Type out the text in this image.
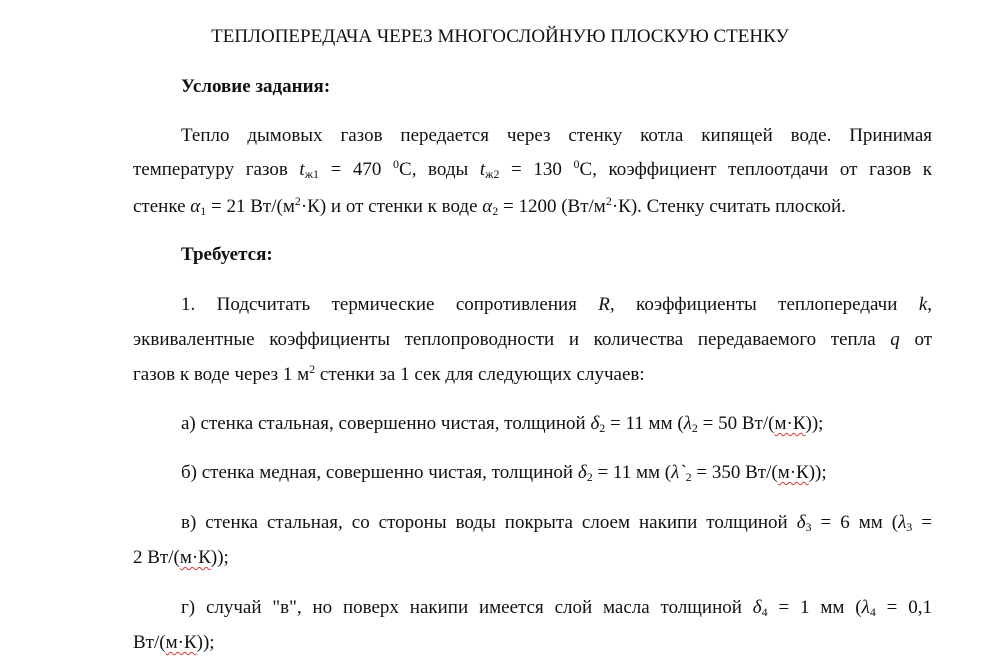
ТЕПЛОПЕРЕДАЧА ЧЕРЕЗ МНОГОСЛОЙНУЮ ПЛОСКУЮ СТЕНКУ
Условие задания:
Тепло дымовых газов передается через стенку котла кипящей воде. Принимая
температуру газов $t_{ж1} = 470$ $^0$С, воды $t_{ж2} = 130$ $^0$С, коэффициент теплоотдачи от газов к
стенке $\alpha_1 = 21$ $Вт/(м^2\cdot К)$ и от стенки к воде $\alpha_2 = 1200$ $(Вт/м^2\cdot К)$. Стенку считать плоской.
Требуется:
1. Подсчитать термические сопротивления R, коэффициенты теплопередачи k,
эквивалентные коэффициенты теплопроводности и количества передаваемого тепла q от
газов к воде через 1 $м^2$ стенки за 1 сек для следующих случаев:
а) стенка стальная, совершенно чистая, толщиной $\delta_2 = 11$ мм ($\lambda_2 = 50$ Вт/(м·К));
б) стенка медная, совершенно чистая, толщиной $\delta_2 = 11$ мм ($\lambda`_2 = 350$ Вт/(м·К));
в) стенка стальная, со стороны воды покрыта слоем накипи толщиной $\delta_3 = 6$ мм ($\lambda_3$ =
2 Вт/(м·К));
г) случай "в", но поверх накипи имеется слой масла толщиной $\delta_4 = 1$ мм ($\lambda_4 = 0,1$
Вт/(м·К));
